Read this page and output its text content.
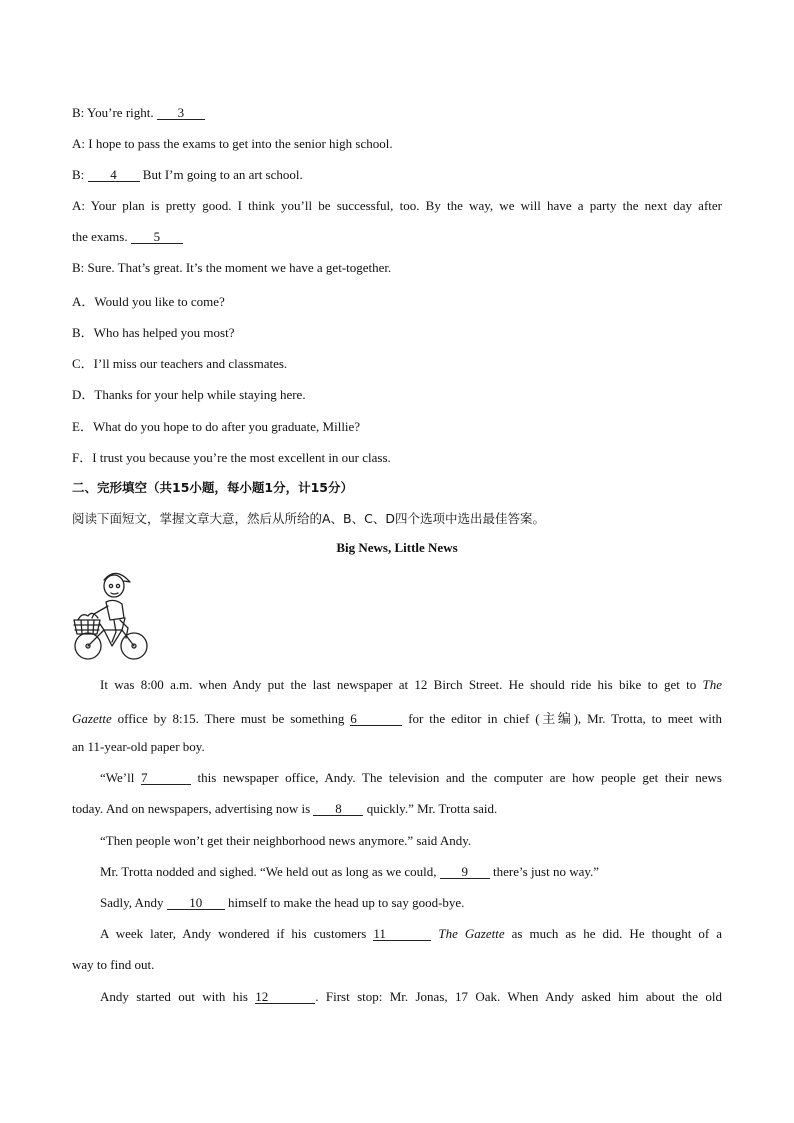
B: You’re right. 3
A: I hope to pass the exams to get into the senior high school.
B: 4 But I’m going to an art school.
A: Your plan is pretty good. I think you’ll be successful, too. By the way, we will have a party the next day after
the exams. 5
B: Sure. That’s great. It’s the moment we have a get-together.
A．Would you like to come?
B．Who has helped you most?
C．I’ll miss our teachers and classmates.
D．Thanks for your help while staying here.
E．What do you hope to do after you graduate, Millie?
F．I trust you because you’re the most excellent in our class.
二、完形填空（共15小题，每小题1分，计15分）
阅读下面短文，掌握文章大意，然后从所给的A、B、C、D四个选项中选出最佳答案。
Big News, Little News
It was 8:00 a.m. when Andy put the last newspaper at 12 Birch Street. He should ride his bike to get to The
Gazette office by 8:15. There must be something 6	for the editor in chief (主编), Mr. Trotta, to meet with
an 11-year-old paper boy.
“We’ll 7	this newspaper office, Andy. The television and the computer are how people get their news
today. And on newspapers, advertising now is 8 quickly.” Mr. Trotta said.
“Then people won’t get their neighborhood news anymore.” said Andy.
Mr. Trotta nodded and sighed. “We held out as long as we could, 9 there’s just no way.”
Sadly, Andy 10 himself to make the head up to say good-bye.
A week later, Andy wondered if his customers 11	The Gazette as much as he did. He thought of a
way to find out.
Andy started out with his 12	. First stop: Mr. Jonas, 17 Oak. When Andy asked him about the old
